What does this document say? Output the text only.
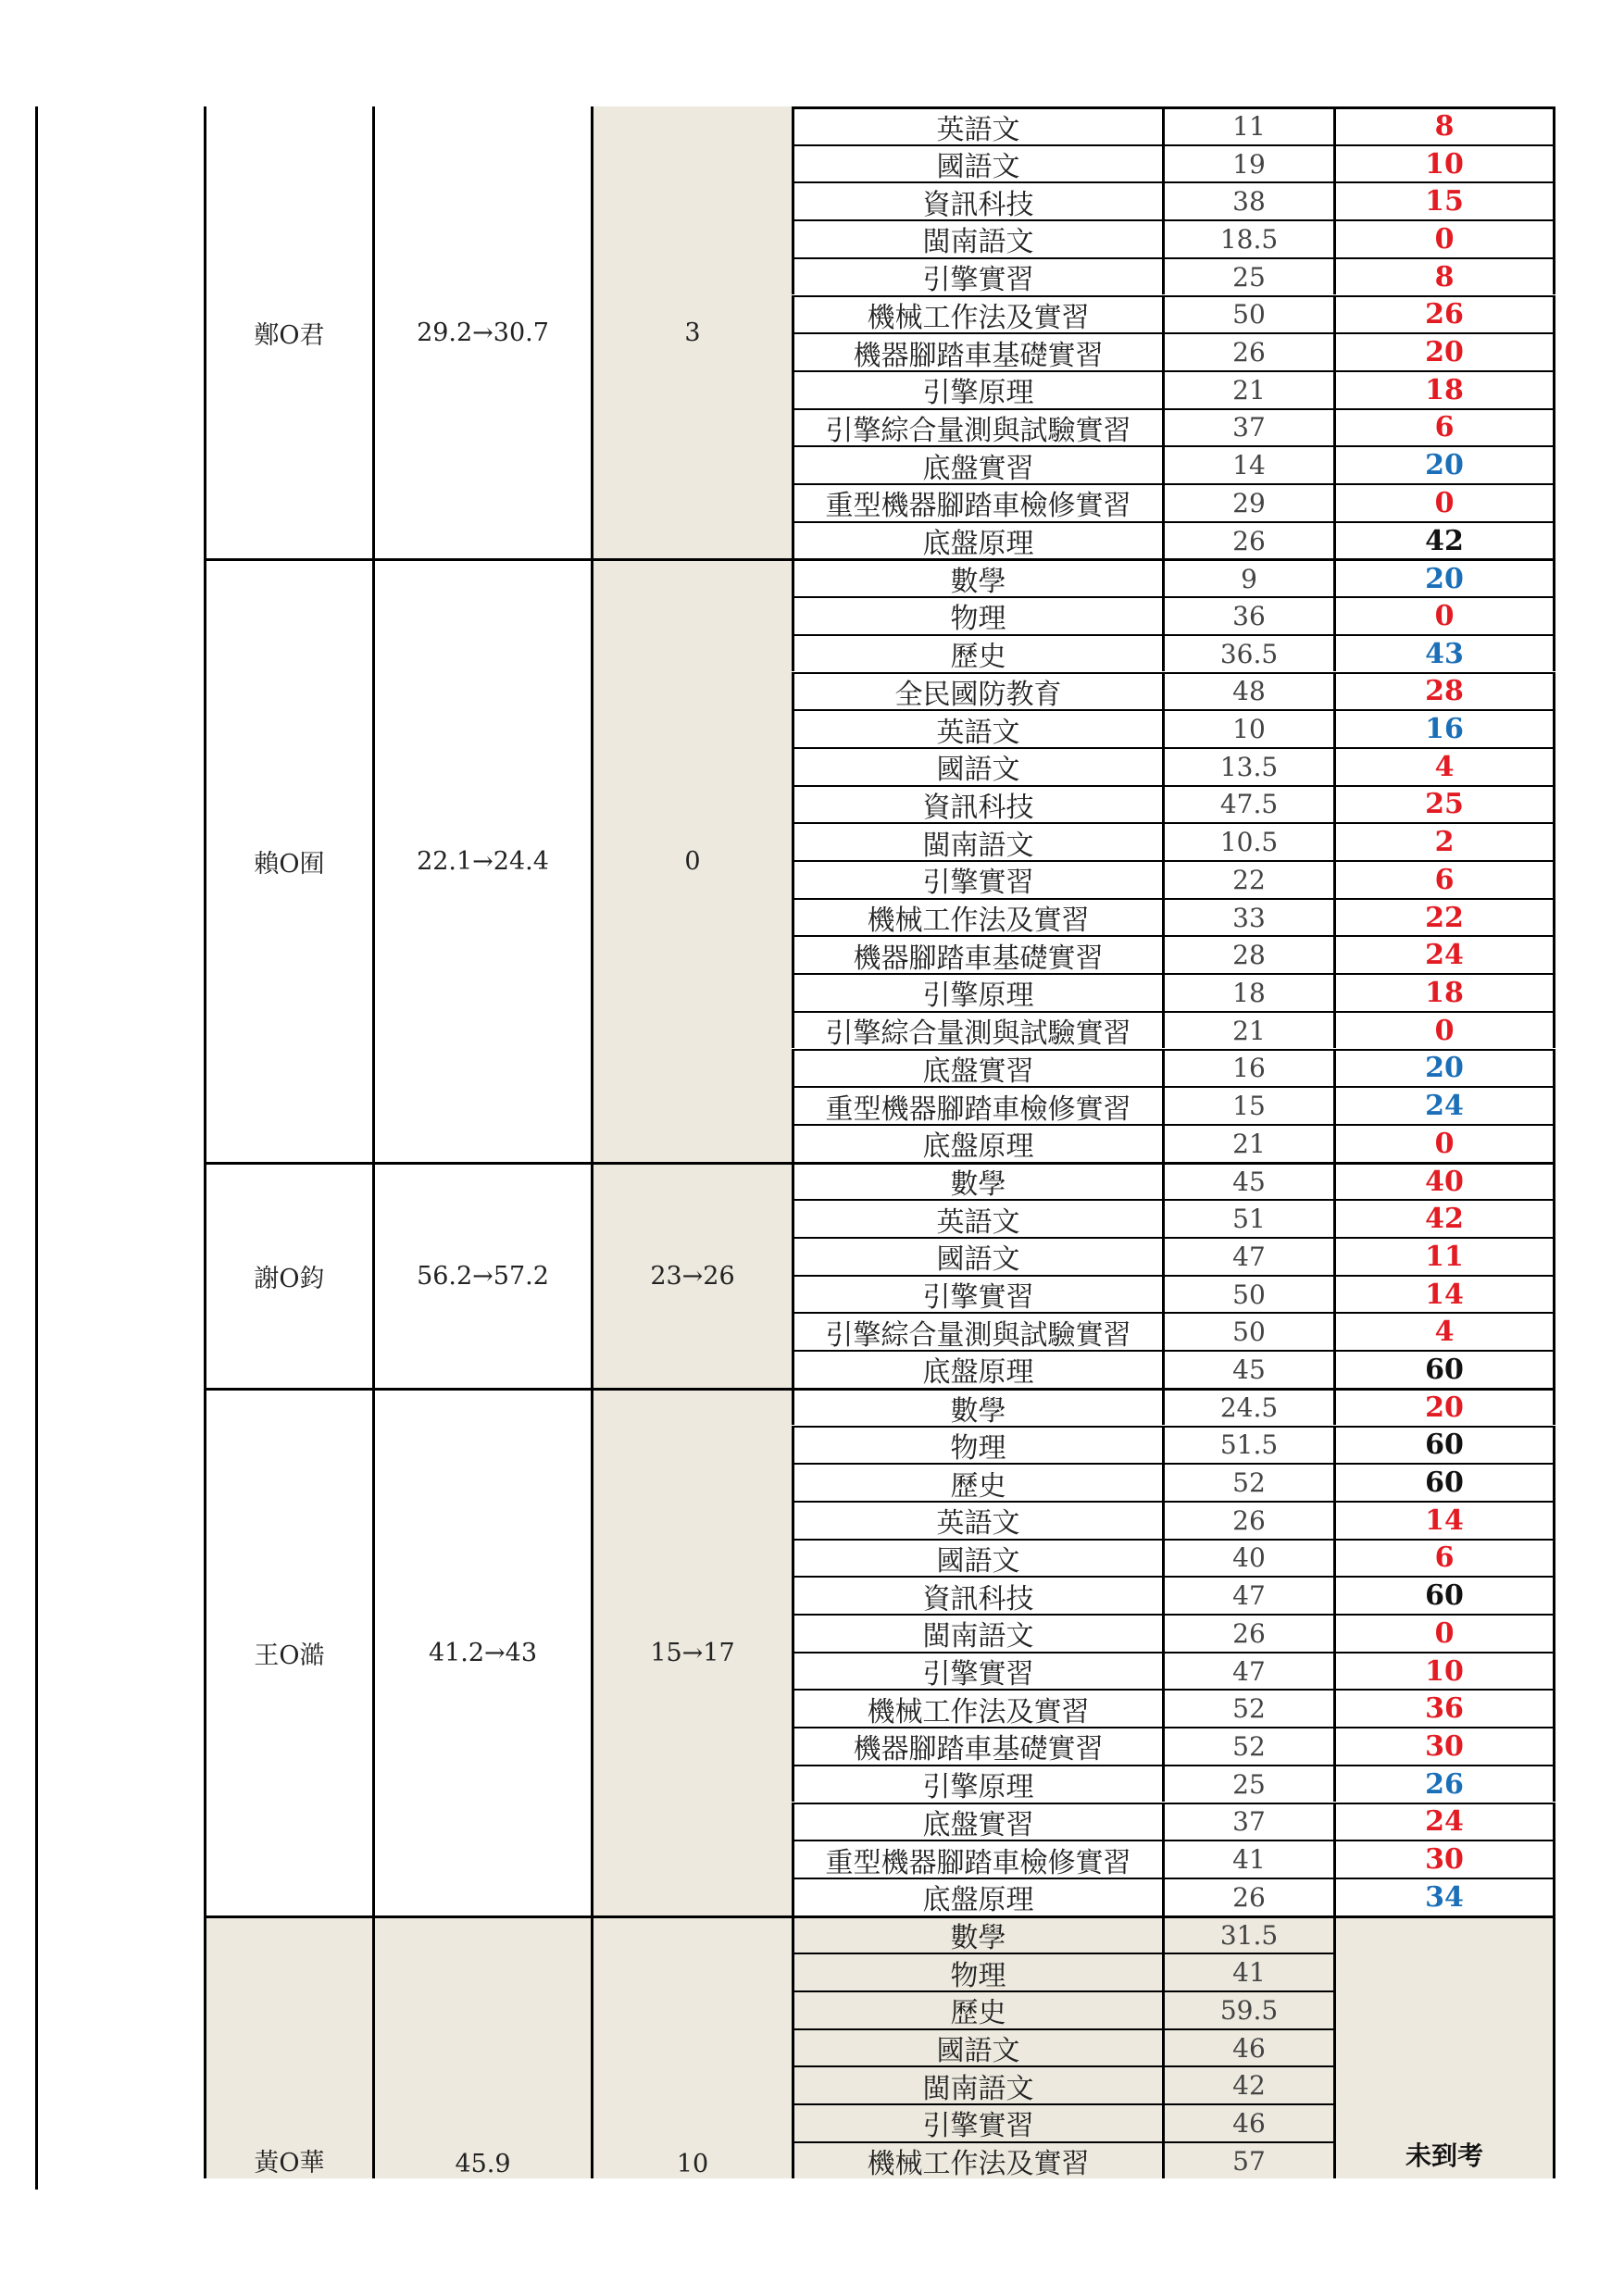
鄭O君	29.2→30.7	3
英語文	11	8
國語文	19	10
資訊科技	38	15
閩南語文	18.5	0
引擎實習	25	8
機械工作法及實習	50	26
機器腳踏車基礎實習	26	20
引擎原理	21	18
引擎綜合量測與試驗實習	37	6
底盤實習	14	20
重型機器腳踏車檢修實習	29	0
底盤原理	26	42
賴O囿	22.1→24.4	0
數學	9	20
物理	36	0
歷史	36.5	43
全民國防教育	48	28
英語文	10	16
國語文	13.5	4
資訊科技	47.5	25
閩南語文	10.5	2
引擎實習	22	6
機械工作法及實習	33	22
機器腳踏車基礎實習	28	24
引擎原理	18	18
引擎綜合量測與試驗實習	21	0
底盤實習	16	20
重型機器腳踏車檢修實習	15	24
底盤原理	21	0
謝O鈞	56.2→57.2	23→26
數學	45	40
英語文	51	42
國語文	47	11
引擎實習	50	14
引擎綜合量測與試驗實習	50	4
底盤原理	45	60
王O澔	41.2→43	15→17
數學	24.5	20
物理	51.5	60
歷史	52	60
英語文	26	14
國語文	40	6
資訊科技	47	60
閩南語文	26	0
引擎實習	47	10
機械工作法及實習	52	36
機器腳踏車基礎實習	52	30
引擎原理	25	26
底盤實習	37	24
重型機器腳踏車檢修實習	41	30
底盤原理	26	34
黃O華	45.9	10
數學	31.5
物理	41
歷史	59.5
國語文	46
閩南語文	42
引擎實習	46
機械工作法及實習	57	未到考
